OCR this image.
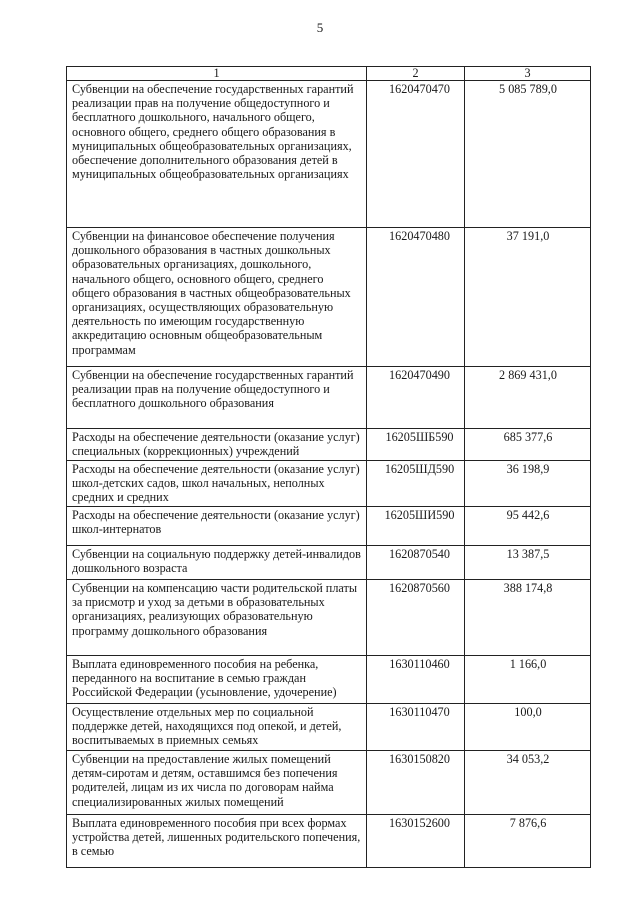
5
1	2	3
Субвенции на обеспечение государственных гарантий реализации прав на получение общедоступного и бесплатного дошкольного, начального общего, основного общего, среднего общего образования в муниципальных общеобразовательных организациях, обеспечение дополнительного образования детей в муниципальных общеобразовательных организациях	1620470470	5 085 789,0
Субвенции на финансовое обеспечение получения дошкольного образования в частных дошкольных образовательных организациях, дошкольного, начального общего, основного общего, среднего общего образования в частных общеобразовательных организациях, осуществляющих образовательную деятельность по имеющим государственную аккредитацию основным общеобразовательным программам	1620470480	37 191,0
Субвенции на обеспечение государственных гарантий реализации прав на получение общедоступного и бесплатного дошкольного образования	1620470490	2 869 431,0
Расходы на обеспечение деятельности (оказание услуг) специальных (коррекционных) учреждений	16205ШБ590	685 377,6
Расходы на обеспечение деятельности (оказание услуг) школ-детских садов, школ начальных, неполных средних и средних	16205ШД590	36 198,9
Расходы на обеспечение деятельности (оказание услуг) школ-интернатов	16205ШИ590	95 442,6
Субвенции на социальную поддержку детей-инвалидов дошкольного возраста	1620870540	13 387,5
Субвенции на компенсацию части родительской платы за присмотр и уход за детьми в образовательных организациях, реализующих образовательную программу дошкольного образования	1620870560	388 174,8
Выплата единовременного пособия на ребенка, переданного на воспитание в семью граждан Российской Федерации (усыновление, удочерение)	1630110460	1 166,0
Осуществление отдельных мер по социальной поддержке детей, находящихся под опекой, и детей, воспитываемых в приемных семьях	1630110470	100,0
Субвенции на предоставление жилых помещений детям-сиротам и детям, оставшимся без попечения родителей, лицам из их числа по договорам найма специализированных жилых помещений	1630150820	34 053,2
Выплата единовременного пособия при всех формах устройства детей, лишенных родительского попечения, в семью	1630152600	7 876,6
